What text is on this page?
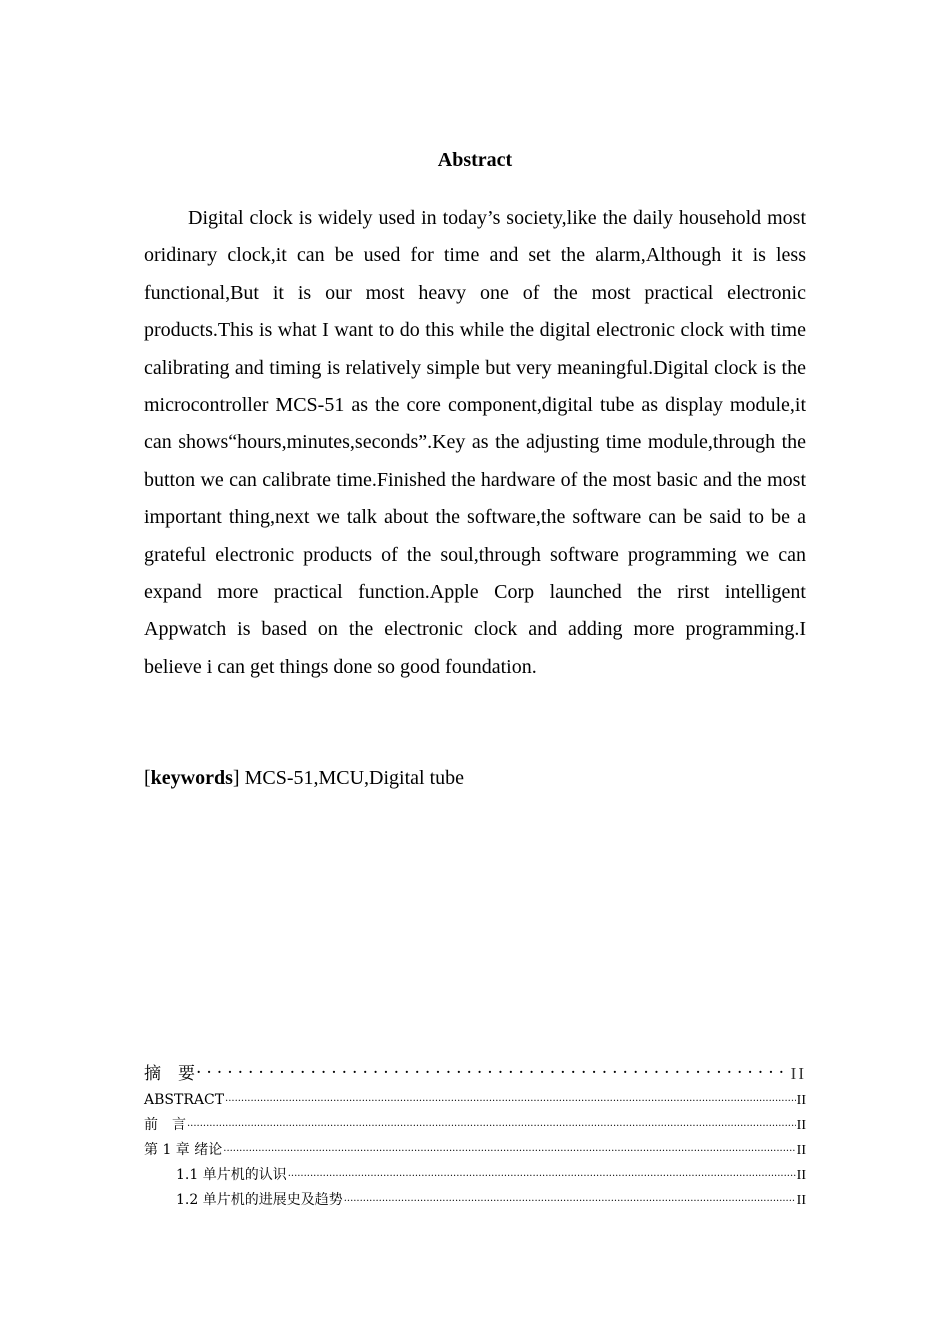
Abstract

Digital clock is widely used in today’s society,like the daily household most oridinary clock,it can be used for time and set the alarm,Although it is less functional,But it is our most heavy one of the most practical electronic products.This is what I want to do this while the digital electronic clock with time calibrating and timing is relatively simple but very meaningful.Digital clock is the microcontroller MCS-51 as the core component,digital tube as display module,it can shows“hours,minutes,seconds”.Key as the adjusting time module,through the button we can calibrate time.Finished the hardware of the most basic and the most important thing,next we talk about the software,the software can be said to be a grateful electronic products of the soul,through software programming we can expand more practical function.Apple Corp launched the rirst intelligent Appwatch is based on the electronic clock and adding more programming.I believe i can get things done so good foundation.

[keywords] MCS-51,MCU,Digital tube

摘　要 .....	II
ABSTRACT .....	II
前　言 .....	II
第 1 章 绪论 .....	II
1.1 单片机的认识 .....	II
1.2 单片机的进展史及趋势 .....	II
